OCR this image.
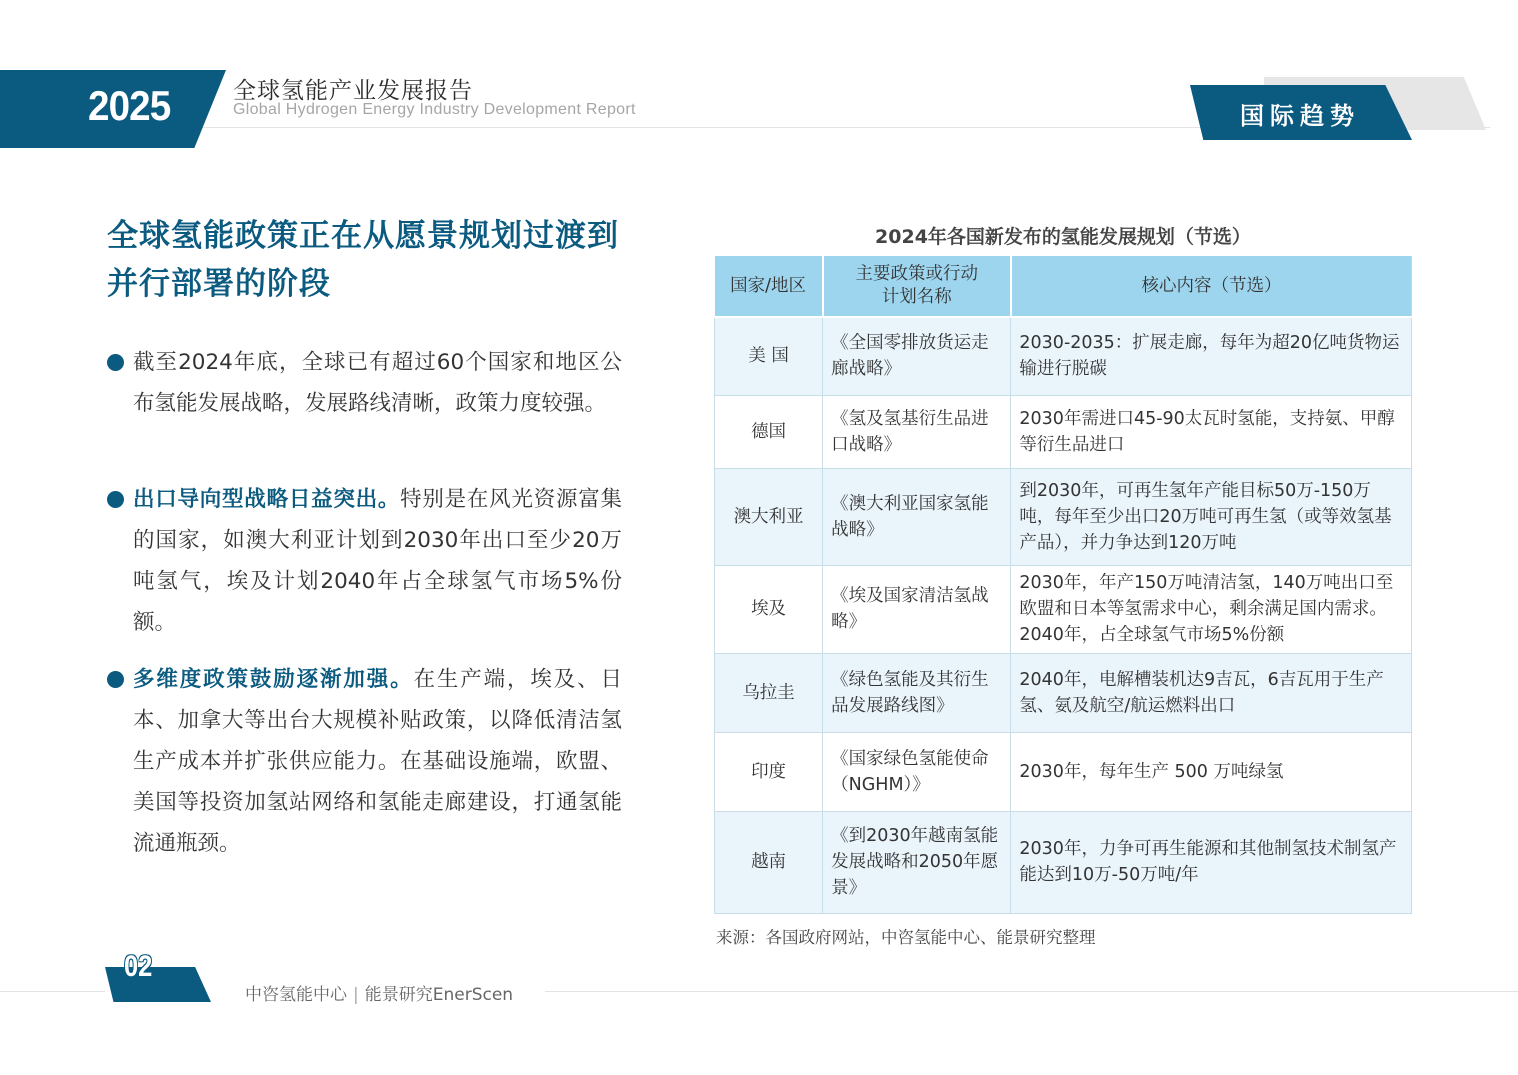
2025	全球氢能产业发展报告
Global Hydrogen Energy Industry Development Report	国际趋势
全球氢能政策正在从愿景规划过渡到并行部署的阶段
截至2024年底，全球已有超过60个国家和地区公布氢能发展战略，发展路线清晰，政策力度较强。
出口导向型战略日益突出。特别是在风光资源富集的国家，如澳大利亚计划到2030年出口至少20万吨氢气，埃及计划2040年占全球氢气市场5%份额。
多维度政策鼓励逐渐加强。在生产端，埃及、日本、加拿大等出台大规模补贴政策，以降低清洁氢生产成本并扩张供应能力。在基础设施端，欧盟、美国等投资加氢站网络和氢能走廊建设，打通氢能流通瓶颈。
2024年各国新发布的氢能发展规划（节选）
国家/地区	主要政策或行动计划名称	核心内容（节选）
美 国	《全国零排放货运走廊战略》	2030-2035：扩展走廊，每年为超20亿吨货物运输进行脱碳
德国	《氢及氢基衍生品进口战略》	2030年需进口45-90太瓦时氢能，支持氨、甲醇等衍生品进口
澳大利亚	《澳大利亚国家氢能战略》	到2030年，可再生氢年产能目标50万-150万吨，每年至少出口20万吨可再生氢（或等效氢基产品），并力争达到120万吨
埃及	《埃及国家清洁氢战略》	2030年，年产150万吨清洁氢，140万吨出口至欧盟和日本等氢需求中心，剩余满足国内需求。2040年，占全球氢气市场5%份额
乌拉圭	《绿色氢能及其衍生品发展路线图》	2040年，电解槽装机达9吉瓦，6吉瓦用于生产氢、氨及航空/航运燃料出口
印度	《国家绿色氢能使命（NGHM）》	2030年，每年生产 500 万吨绿氢
越南	《到2030年越南氢能发展战略和2050年愿景》	2030年，力争可再生能源和其他制氢技术制氢产能达到10万-50万吨/年
来源：各国政府网站，中咨氢能中心、能景研究整理
02
中咨氢能中心 | 能景研究EnerScen
